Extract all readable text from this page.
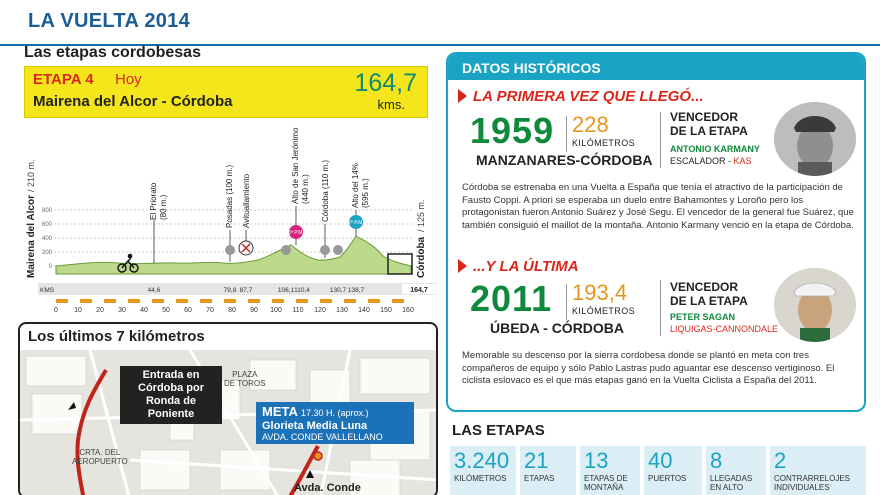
LA VUELTA 2014
Las etapas cordobesas
ETAPA 4 Hoy
Mairena del Alcor - Córdoba
164,7
kms.
800
600
400
200
0
Mairena del Alcor
/ 210 m.
Córdoba
/ 125 m.
El Priorato (80 m.)	Posadas (100 m.) Avituallamiento	Alto de San Jerónimo (440 m.) Córdoba (110 m.)	Alto del 14% (595 m.)
3ª P.M.
2ª P.M.
KMS	44,6	79,8 87,7	106,1 110,4	130,7 138,7	164,7
0 10 20 30 40 50 60 70 80 90 100 110 120 130 140 150 160
Los últimos 7 kilómetros
Entrada en Córdoba por Ronda de Poniente
PLAZA
DE TOROS
CRTA. DEL
AEROPUERTO
META 17.30 H. (aprox.)
Glorieta Media Luna
AVDA. CONDE VALLELLANO
Avda. Conde
DATOS HISTÓRICOS
LA PRIMERA VEZ QUE LLEGÓ...
1959 228
KILÓMETROS
MANZANARES-CÓRDOBA
VENCEDOR
DE LA ETAPA
ANTONIO KARMANY
ESCALADOR - KAS
Córdoba se estrenaba en una Vuelta a España que tenía el atractivo de la participación de Fausto Coppi. A priori se esperaba un duelo entre Bahamontes y Loroño pero los protagonistan fueron Antonio Suárez y José Segu. El vencedor de la general fue Suárez, que también consiguió el maillot de la montaña. Antonio Karmany venció en la etapa de Córdoba.
...Y LA ÚLTIMA
2011 193,4
KILÓMETROS
ÚBEDA - CÓRDOBA
VENCEDOR
DE LA ETAPA
PETER SAGAN
LIQUIGAS-CANNONDALE
Memorable su descenso por la sierra cordobesa donde se plantó en meta con tres compañeros de equipo y sólo Pablo Lastras pudo aguantar ese descenso vertiginoso. El ciclista eslovaco es el que más etapas ganó en la Vuelta Ciclista a España del 2011.
LAS ETAPAS
3.240
KILÓMETROS
21
ETAPAS
13
ETAPAS DE
MONTAÑA
40
PUERTOS
8
LLEGADAS
EN ALTO
2
CONTRARRELOJES
INDIVIDUALES
